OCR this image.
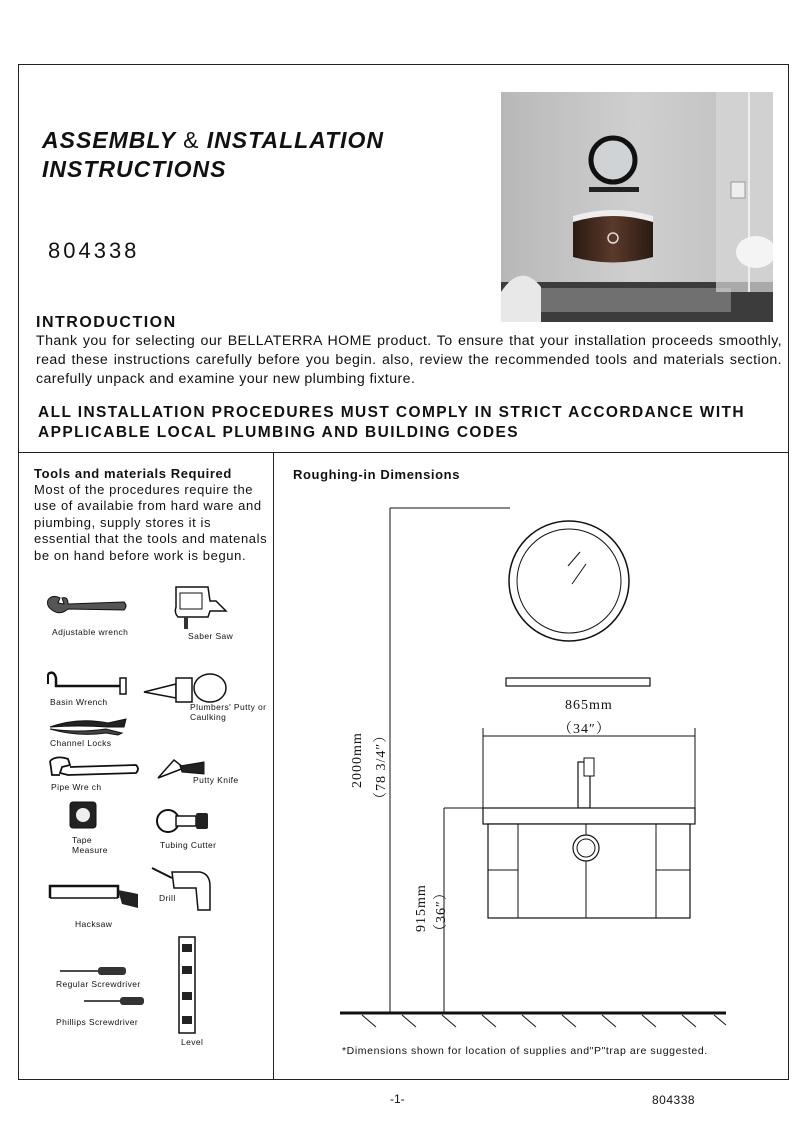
ASSEMBLY & INSTALLATION INSTRUCTIONS
804338
INTRODUCTION
Thank you for selecting our BELLATERRA HOME product. To ensure that your installation proceeds smoothly, read these instructions carefully before you begin. also, review the recommended tools and materials section. carefully unpack and examine your new plumbing fixture.
ALL INSTALLATION PROCEDURES MUST COMPLY IN STRICT ACCORDANCE WITH APPLICABLE LOCAL PLUMBING AND BUILDING CODES
Tools and materials Required
Most of the procedures require the use of availabie from hard ware and piumbing, supply stores it is essential that the tools and matenals be on hand before work is begun.
Adjustable wrench	Saber Saw
Basin Wrench	Plumbers' Putty or
Caulking
Channel Locks
Pipe Wre ch
Putty Knife
Tape
Measure	Tubing Cutter
Drill
Hacksaw
Regular Screwdriver
Phillips Screwdriver
Level
Roughing-in Dimensions
865mm
（34″）
2000mm （78 3/4″）
915mm （36″）
*Dimensions shown for location of supplies and"P"trap are suggested.
-1-	804338
